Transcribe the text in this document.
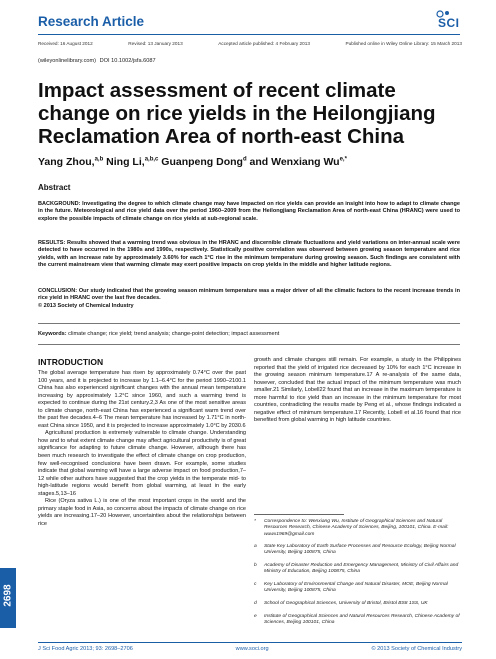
Research Article	SCI
Received: 16 August 2012	Revised: 13 January 2013	Accepted article published: 4 February 2013	Published online in Wiley Online Library: 15 March 2013
(wileyonlinelibrary.com) DOI 10.1002/jsfa.6087
Impact assessment of recent climate change on rice yields in the Heilongjiang Reclamation Area of north-east China
Yang Zhou,$^{a,b}$ Ning Li,$^{a,b,c}$ Guanpeng Dong$^d$ and Wenxiang $Wu^{e,*}$
Abstract
BACKGROUND: Investigating the degree to which climate change may have impacted on rice yields can provide an insight into how to adapt to climate change in the future. Meteorological and rice yield data over the period 1960–2009 from the Heilongjiang Reclamation Area of north-east China (HRANC) were used to explore the possible impacts of climate change on rice yields at sub-regional scale.
RESULTS: Results showed that a warming trend was obvious in the HRANC and discernible climate fluctuations and yield variations on inter-annual scale were detected to have occurred in the 1980s and 1990s, respectively. Statistically positive correlation was observed between growing season temperature and rice yields, with an increase rate by approximately 3.60% for each 1°C rise in the minimum temperature during growing season. Such findings are consistent with the current mainstream view that warming climate may exert positive impacts on crop yields in the middle and higher latitude regions.
CONCLUSION: Our study indicated that the growing season minimum temperature was a major driver of all the climatic factors to the recent increase trends in rice yield in HRANC over the last five decades.
© 2013 Society of Chemical Industry
Keywords: climate change; rice yield; trend analysis; change-point detection; impact assessment
INTRODUCTION

The global average temperature has risen by approximately 0.74°C over the past 100 years, and it is projected to increase by 1.1–6.4°C for the period 1990–2100.1 China has also experienced significant changes with the annual mean temperature increasing by approximately 1.2°C since 1960, and such a warming trend is expected to continue during the 21st century.2,3 As one of the most sensitive areas to climate change, north-east China has experienced a significant warm trend over the past five decades.4–6 The mean temperature has increased by 1.71°C in north-east China since 1950, and it is projected to increase approximately 1.0°C by 2030.6

Agricultural production is extremely vulnerable to climate change. Understanding how and to what extent climate change may affect agricultural productivity is of great significance for adapting to future climate change. However, although there has been much research to investigate the effect of climate change on crop production, few well-recognised conclusions have been drawn. For example, some studies indicate that global warming will have a large adverse impact on food production,7–12 while other authors have suggested that the crop yields in the temperate mid- to high-latitude regions would benefit from global warming, at least in the early stages.5,13–16

Rice (Oryza sativa L.) is one of the most important crops in the world and the primary staple food in Asia, so concerns about the impacts of climate change on rice yields are increasing.17–20 However, uncertainties about the relationships between rice

growth and climate changes still remain. For example, a study in the Philippines reported that the yield of irrigated rice decreased by 10% for each 1°C increase in the growing season minimum temperature.17 A re-analysis of the same data, however, concluded that the actual impact of the minimum temperature was much smaller.21 Similarly, Lobell22 found that an increase in the maximum temperature is more harmful to rice yield than an increase in the minimum temperature for most countries, contradicting the results made by Peng et al., whose findings indicated a negative effect of minimum temperature.17 Recently, Lobell et al.16 found that rice benefited from global warming in high latitude countries.

*	Correspondence to: Wenxiang Wu, Institute of Geographical Sciences and Natural Resources Research, Chinese Academy of Sciences, Beijing, 100101, China. E-mail: wuwx1969@gmail.com
a	State Key Laboratory of Earth Surface Processes and Resource Ecology, Beijing Normal University, Beijing 100875, China
b	Academy of Disaster Reduction and Emergency Management, Ministry of Civil Affairs and Ministry of Education, Beijing 100875, China
c	Key Laboratory of Environmental Change and Natural Disaster, MOE, Beijing Normal University, Beijing 100875, China
d	School of Geographical Sciences, University of Bristol, Bristol BS8 1SS, UK
e	Institute of Geographical Sciences and Natural Resources Research, Chinese Academy of Sciences, Beijing 100101, China
2698
J Sci Food Agric 2013; 93: 2698–2706	www.soci.org	© 2013 Society of Chemical Industry
